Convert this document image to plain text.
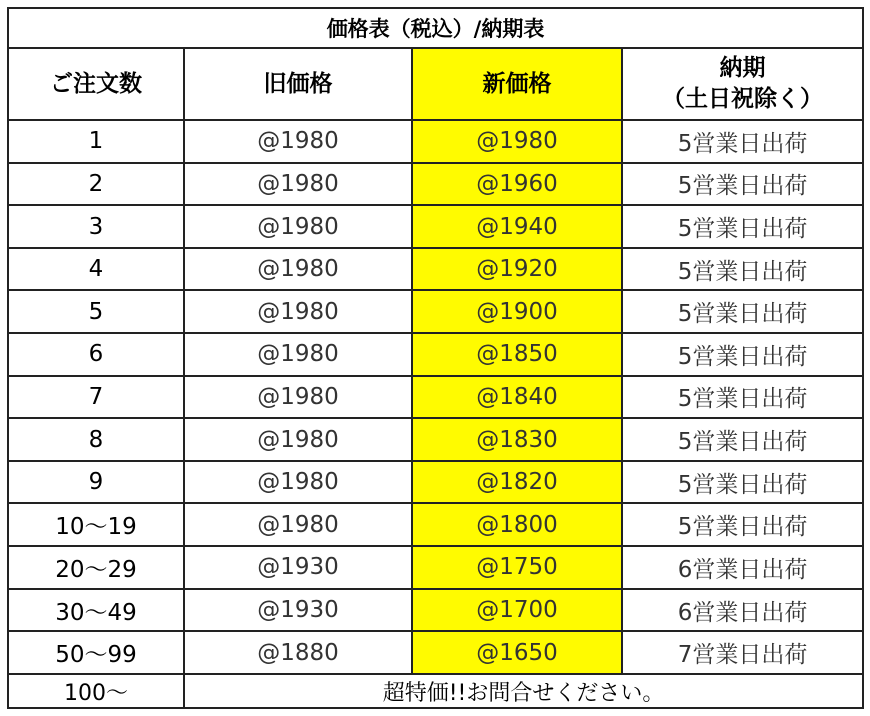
価格表（税込）/納期表			
ご注文数	旧価格	新価格	納期
（土日祝除く）

1	@1980	@1980	5営業日出荷
2	@1980	@1960	5営業日出荷
3	@1980	@1940	5営業日出荷
4	@1980	@1920	5営業日出荷
5	@1980	@1900	5営業日出荷
6	@1980	@1850	5営業日出荷
7	@1980	@1840	5営業日出荷
8	@1980	@1830	5営業日出荷
9	@1980	@1820	5営業日出荷
10〜19	@1980	@1800	5営業日出荷
20〜29	@1930	@1750	6営業日出荷
30〜49	@1930	@1700	6営業日出荷
50〜99	@1880	@1650	7営業日出荷
100〜	超特価!!お問合せください。		
